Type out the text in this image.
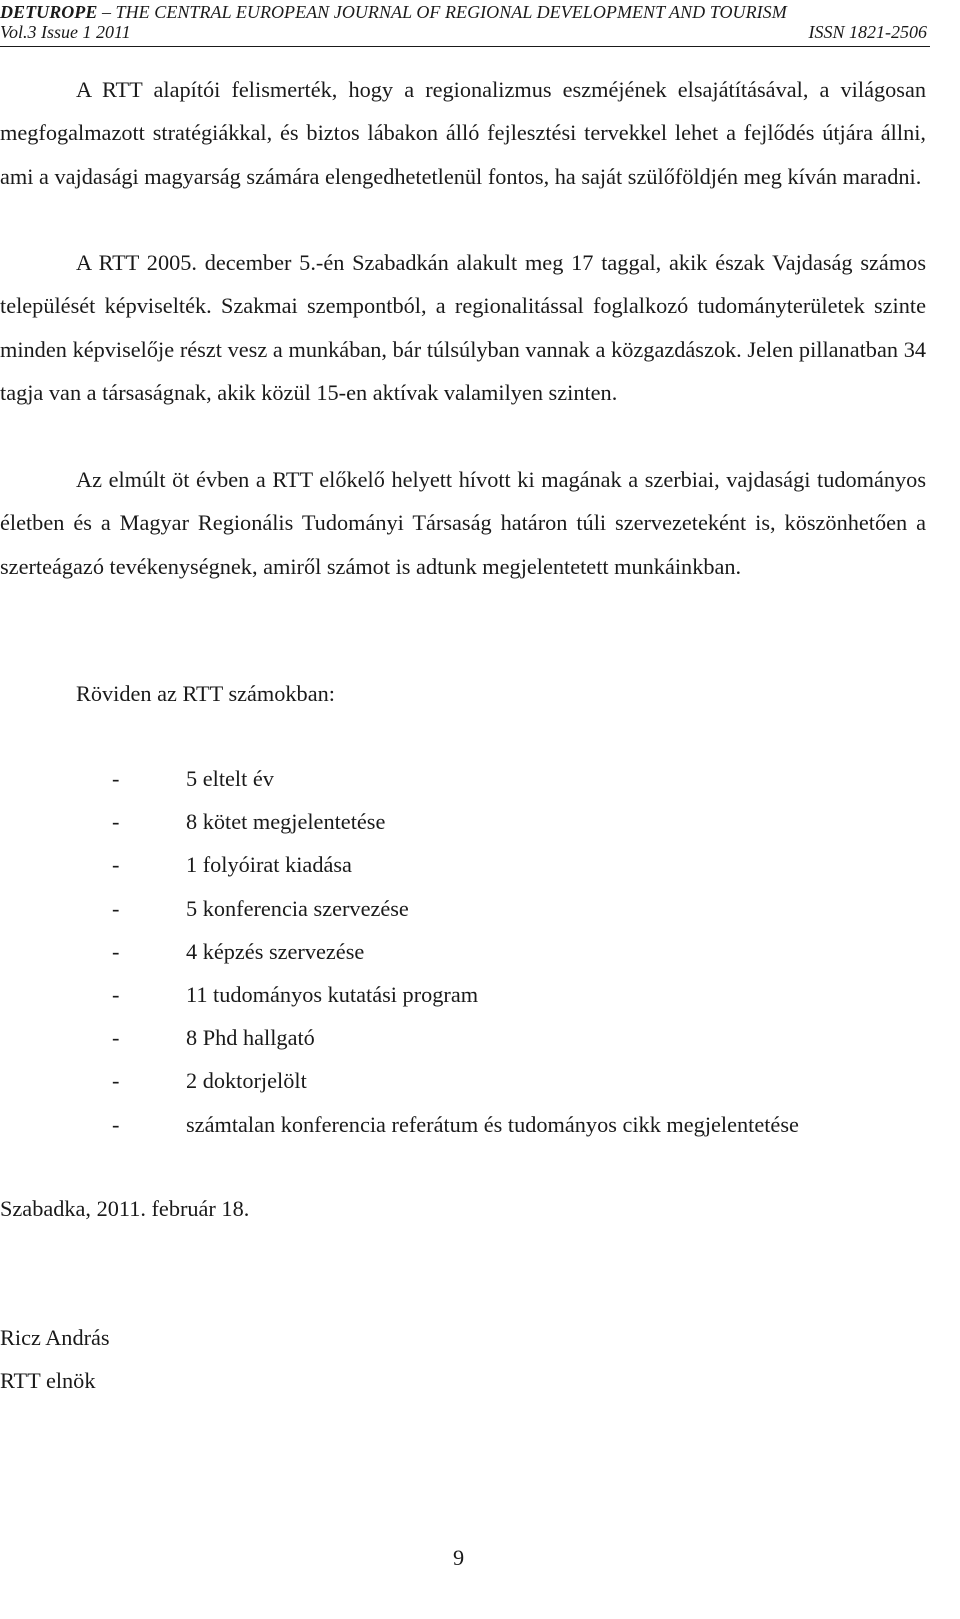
DETUROPE – THE CENTRAL EUROPEAN JOURNAL OF REGIONAL DEVELOPMENT AND TOURISM
Vol.3 Issue 1 2011	ISSN 1821-2506

A RTT alapítói felismerték, hogy a regionalizmus eszméjének elsajátításával, a világosan megfogalmazott stratégiákkal, és biztos lábakon álló fejlesztési tervekkel lehet a fejlődés útjára állni, ami a vajdasági magyarság számára elengedhetetlenül fontos, ha saját szülőföldjén meg kíván maradni.

A RTT 2005. december 5.-én Szabadkán alakult meg 17 taggal, akik észak Vajdaság számos települését képviselték. Szakmai szempontból, a regionalitással foglalkozó tudományterületek szinte minden képviselője részt vesz a munkában, bár túlsúlyban vannak a közgazdászok. Jelen pillanatban 34 tagja van a társaságnak, akik közül 15-en aktívak valamilyen szinten.

Az elmúlt öt évben a RTT előkelő helyett hívott ki magának a szerbiai, vajdasági tudományos életben és a Magyar Regionális Tudományi Társaság határon túli szervezeteként is, köszönhetően a szerteágazó tevékenységnek, amiről számot is adtunk megjelentetett munkáinkban.

Röviden az RTT számokban:
-	5 eltelt év
-	8 kötet megjelentetése
-	1 folyóirat kiadása
-	5 konferencia szervezése
-	4 képzés szervezése
-	11 tudományos kutatási program
-	8 Phd hallgató
-	2 doktorjelölt
-	számtalan konferencia referátum és tudományos cikk megjelentetése
Szabadka, 2011. február 18.
Ricz András
RTT elnök
9
